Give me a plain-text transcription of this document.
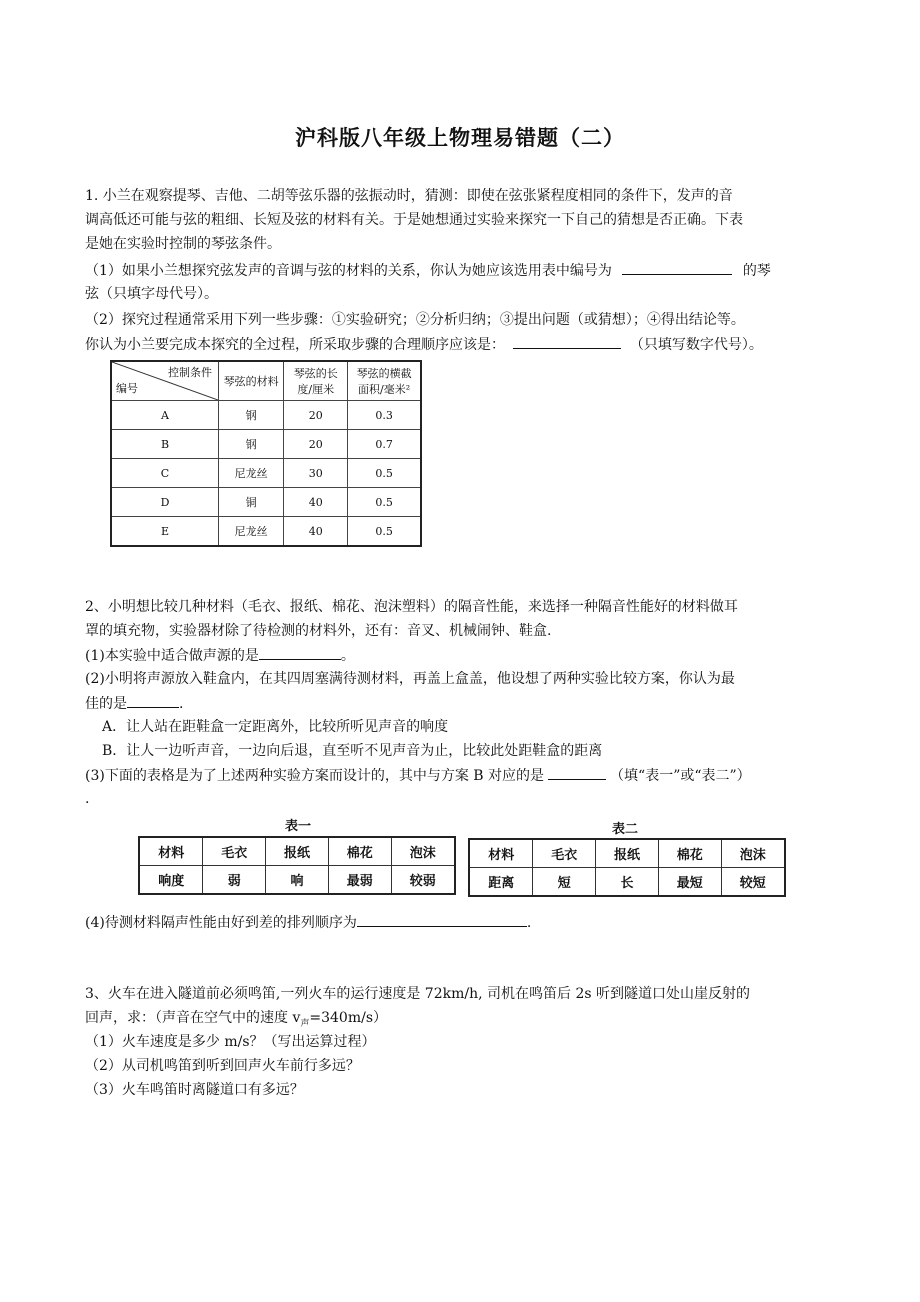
沪科版八年级上物理易错题（二）
1. 小兰在观察提琴、吉他、二胡等弦乐器的弦振动时，猜测：即使在弦张紧程度相同的条件下，发声的音
调高低还可能与弦的粗细、长短及弦的材料有关。于是她想通过实验来探究一下自己的猜想是否正确。下表
是她在实验时控制的琴弦条件。
（1）如果小兰想探究弦发声的音调与弦的材料的关系，你认为她应该选用表中编号为	的琴
弦（只填字母代号）。
（2）探究过程通常采用下列一些步骤：①实验研究；②分析归纳；③提出问题（或猜想）；④得出结论等。
你认为小兰要完成本探究的全过程，所采取步骤的合理顺序应该是：	（只填写数字代号）。
控制条件
编号	琴弦的材料	琴弦的长度/厘米	琴弦的横截面积/毫米²
A	钢	20	0.3
B	钢	20	0.7
C	尼龙丝	30	0.5
D	铜	40	0.5
E	尼龙丝	40	0.5
2、小明想比较几种材料（毛衣、报纸、棉花、泡沫塑料）的隔音性能，来选择一种隔音性能好的材料做耳
罩的填充物，实验器材除了待检测的材料外，还有：音叉、机械闹钟、鞋盒.
(1)本实验中适合做声源的是	。
(2)小明将声源放入鞋盒内，在其四周塞满待测材料，再盖上盒盖，他设想了两种实验比较方案，你认为最
佳的是	.
A．让人站在距鞋盒一定距离外，比较所听见声音的响度
B．让人一边听声音，一边向后退，直至听不见声音为止，比较此处距鞋盒的距离
(3)下面的表格是为了上述两种实验方案而设计的，其中与方案 B 对应的是	（填“表一”或“表二”）
.
表一
材料	毛衣	报纸	棉花	泡沫
响度	弱	响	最弱	较弱
表二
材料	毛衣	报纸	棉花	泡沫
距离	短	长	最短	较短
(4)待测材料隔声性能由好到差的排列顺序为	.
3、火车在进入隧道前必须鸣笛,一列火车的运行速度是 72km/h, 司机在鸣笛后 2s 听到隧道口处山崖反射的
回声，求：（声音在空气中的速度 $v_声=340m/s$）
（1）火车速度是多少 m/s？（写出运算过程）
（2）从司机鸣笛到听到回声火车前行多远？
（3）火车鸣笛时离隧道口有多远？
